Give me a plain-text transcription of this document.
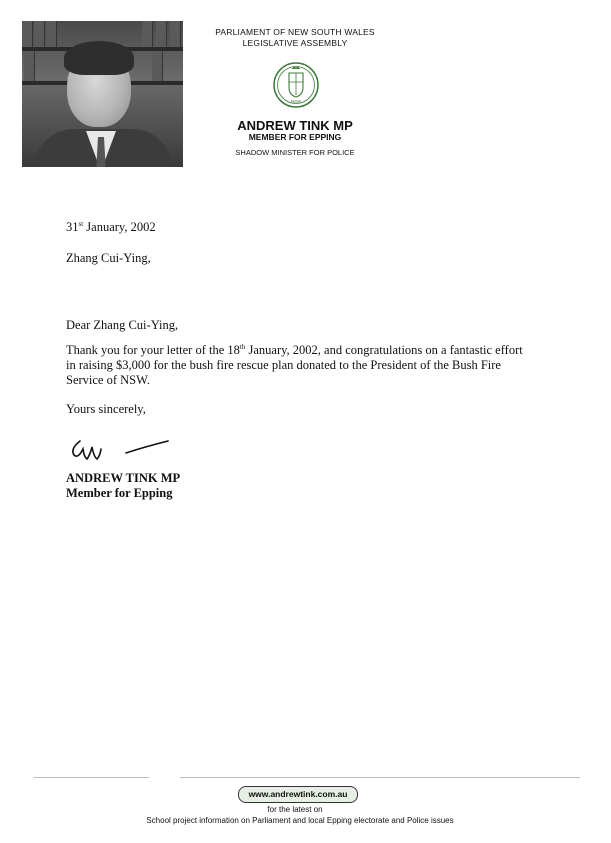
PARLIAMENT OF NEW SOUTH WALES
LEGISLATIVE ASSEMBLY
NSW
ANDREW TINK MP
MEMBER FOR EPPING
SHADOW MINISTER FOR POLICE
31st January, 2002
Zhang Cui-Ying,
Dear Zhang Cui-Ying,
Thank you for your letter of the 18th January, 2002, and congratulations on a fantastic effort in raising $3,000 for the bush fire rescue plan donated to the President of the Bush Fire Service of NSW.
Yours sincerely,
ANDREW TINK MP
Member for Epping
www.andrewtink.com.au
for the latest on
School project information on Parliament and local Epping electorate and Police issues
